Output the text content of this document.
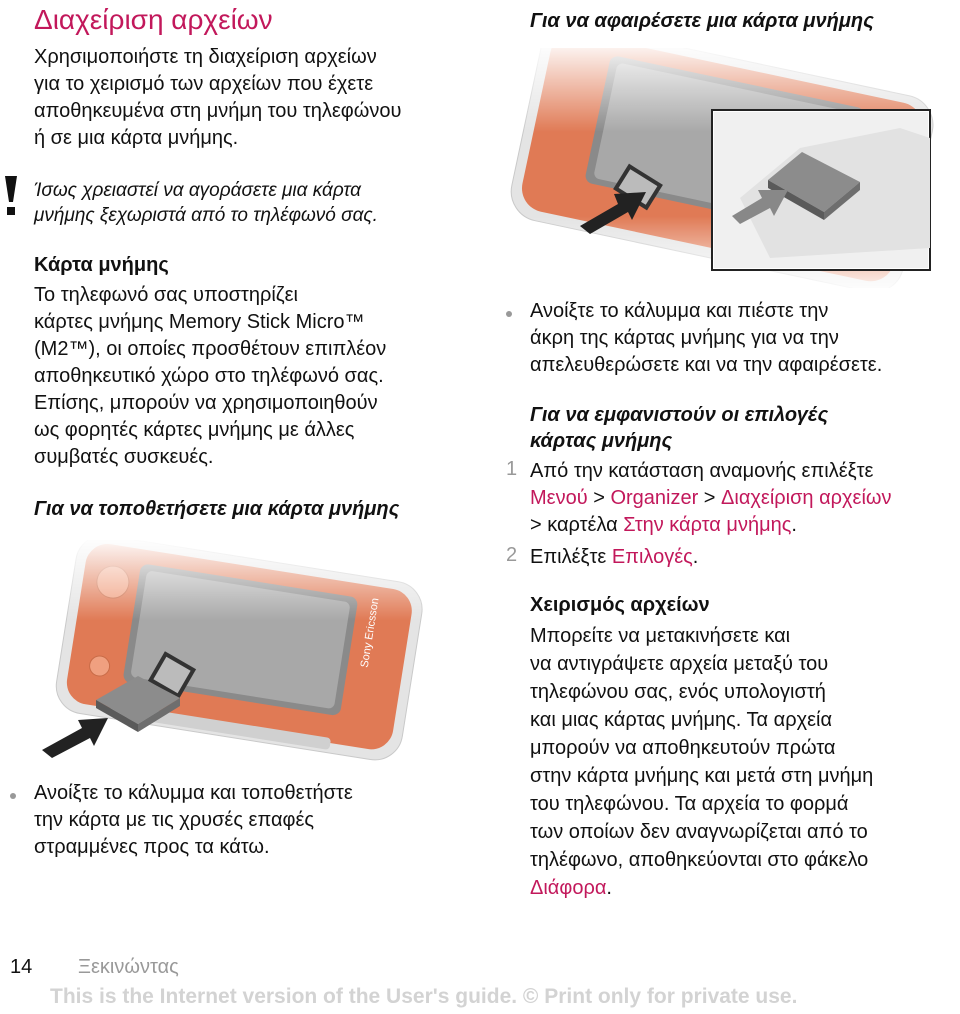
Διαχείριση αρχείων

Χρησιμοποιήστε τη διαχείριση αρχείων
για το χειρισμό των αρχείων που έχετε
αποθηκευμένα στη μνήμη του τηλεφώνου
ή σε μια κάρτα μνήμης.

Ίσως χρειαστεί να αγοράσετε μια κάρτα
μνήμης ξεχωριστά από το τηλέφωνό σας.
Κάρτα μνήμης

Το τηλεφωνό σας υποστηρίζει
κάρτες μνήμης Memory Stick Micro™
(M2™), οι οποίες προσθέτουν επιπλέον
αποθηκευτικό χώρο στο τηλέφωνό σας.
Επίσης, μπορούν να χρησιμοποιηθούν
ως φορητές κάρτες μνήμης με άλλες
συμβατές συσκευές.

Για να τοποθετήσετε μια κάρτα μνήμης

Ανοίξτε το κάλυμμα και τοποθετήστε
την κάρτα με τις χρυσές επαφές
στραμμένες προς τα κάτω.

Για να αφαιρέσετε μια κάρτα μνήμης

Ανοίξτε το κάλυμμα και πιέστε την
άκρη της κάρτας μνήμης για να την
απελευθερώσετε και να την αφαιρέσετε.

Για να εμφανιστούν οι επιλογές
κάρτας μνήμης
1 Από την κατάσταση αναμονής επιλέξτε
Μενού > Organizer > Διαχείριση αρχείων
> καρτέλα Στην κάρτα μνήμης.

2 Επιλέξτε Επιλογές.

Χειρισμός αρχείων

Μπορείτε να μετακινήσετε και
να αντιγράψετε αρχεία μεταξύ του
τηλεφώνου σας, ενός υπολογιστή
και μιας κάρτας μνήμης. Τα αρχεία
μπορούν να αποθηκευτούν πρώτα
στην κάρτα μνήμης και μετά στη μνήμη
του τηλεφώνου. Τα αρχεία το φορμά
των οποίων δεν αναγνωρίζεται από το
τηλέφωνο, αποθηκεύονται στο φάκελο
Διάφορα.

14 Ξεκινώντας
This is the Internet version of the User's guide. © Print only for private use.
